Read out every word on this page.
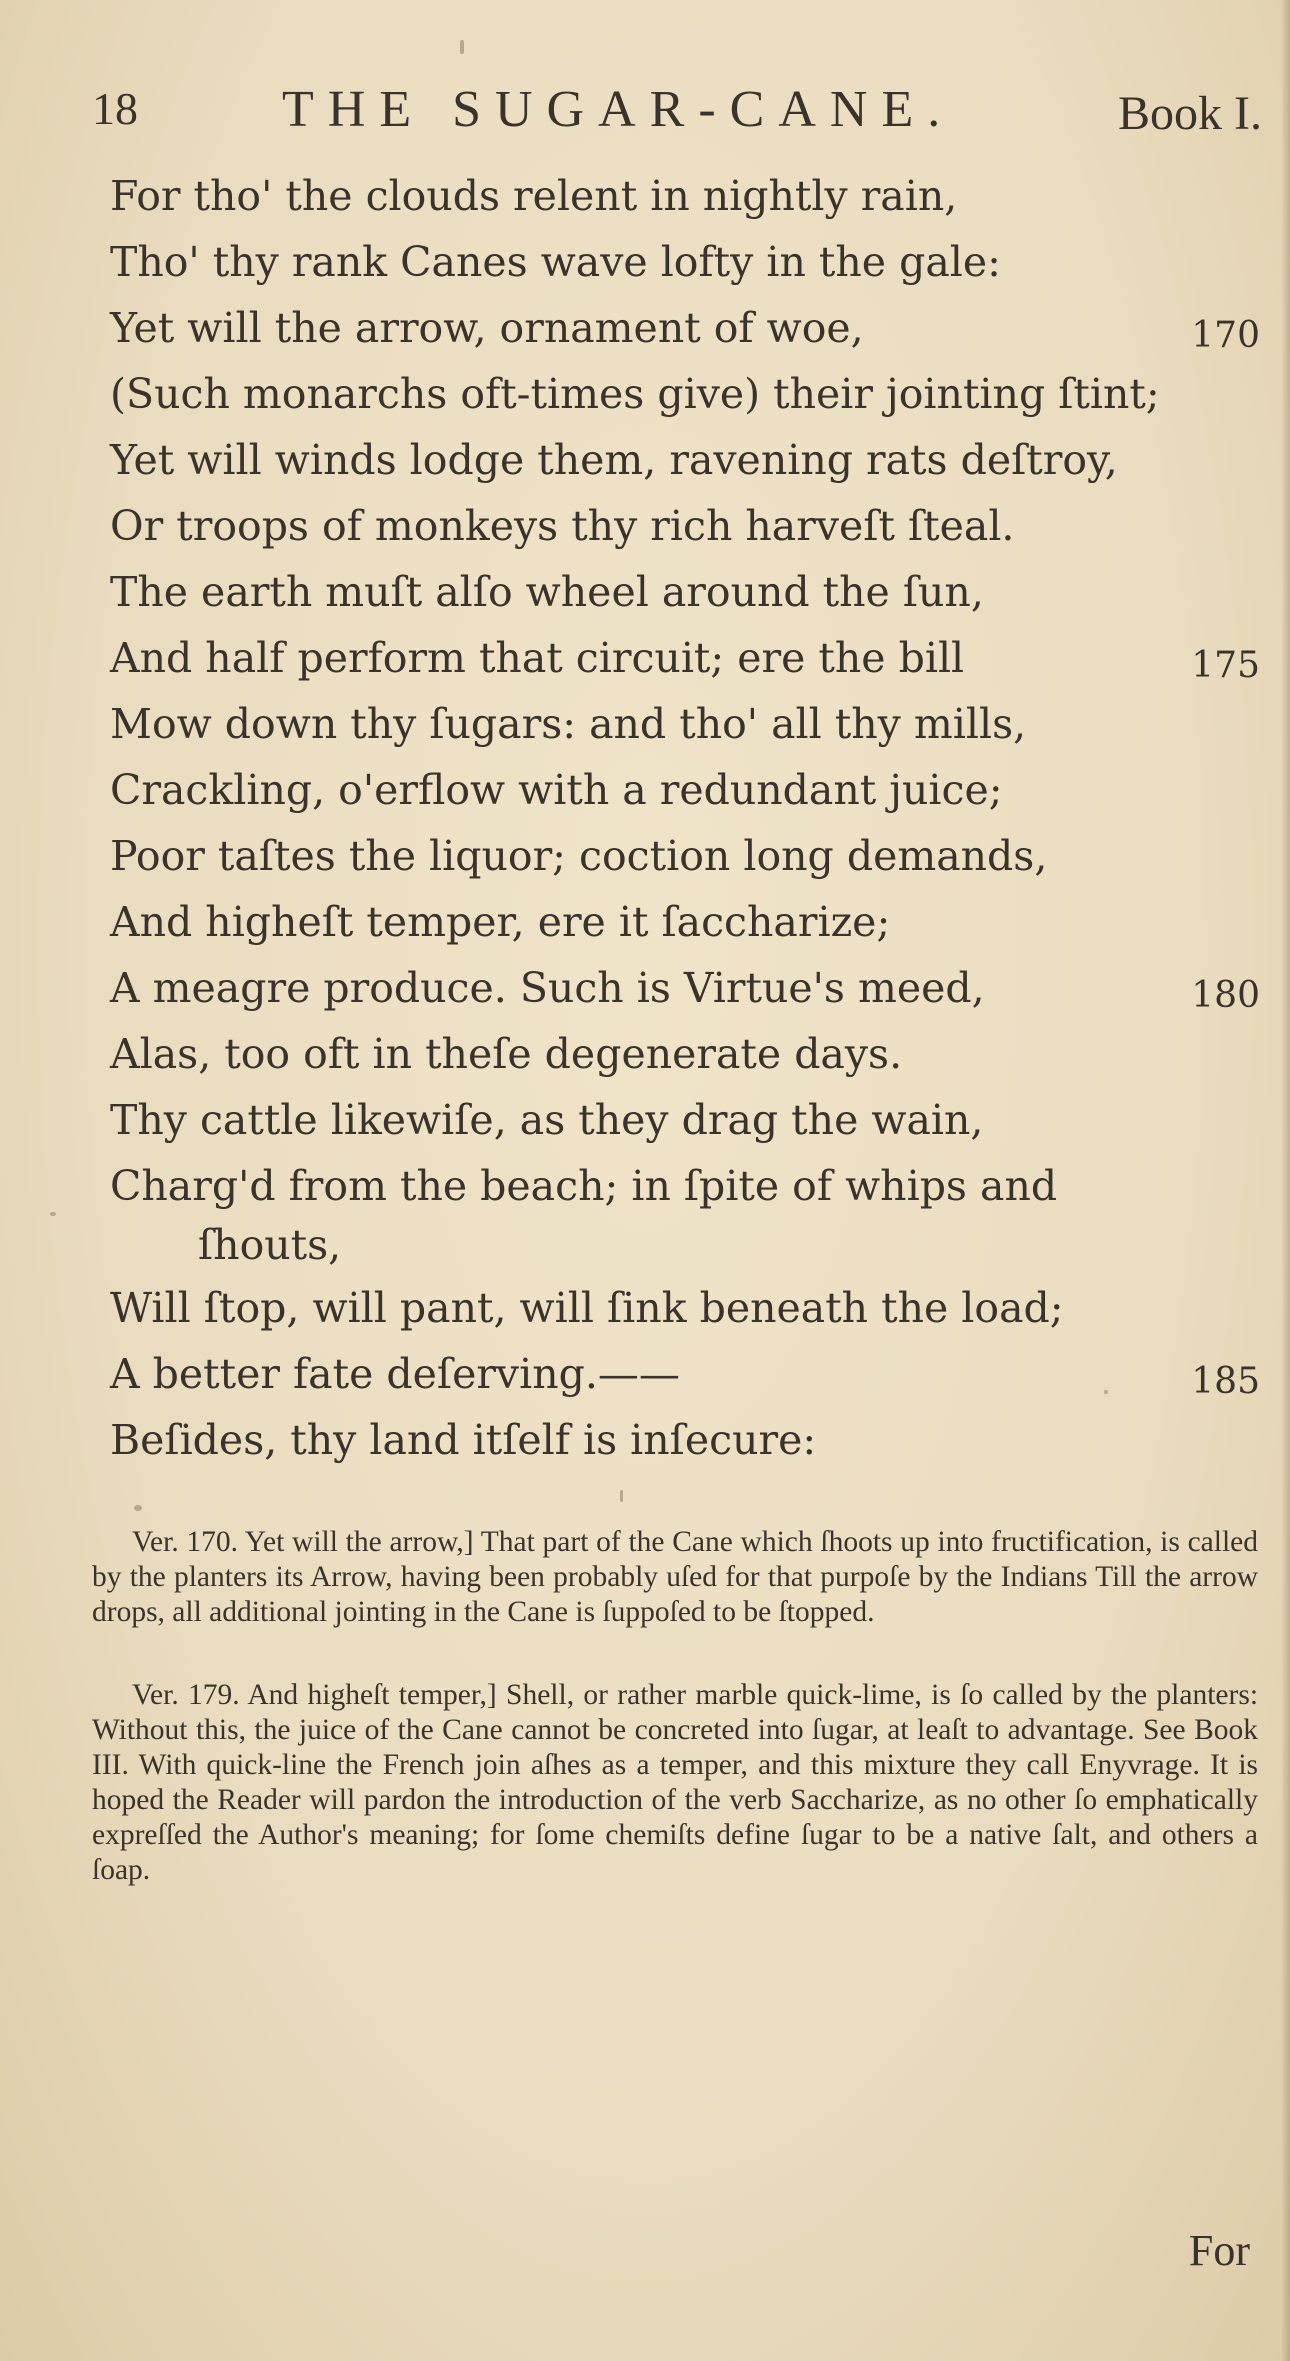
18	THE SUGAR-CANE.	Book I.
For tho' the clouds relent in nightly rain,
Tho' thy rank Canes wave lofty in the gale:
Yet will the arrow, ornament of woe,	170
(Such monarchs oft-times give) their jointing ſtint;
Yet will winds lodge them, ravening rats deſtroy,
Or troops of monkeys thy rich harveſt ſteal.
The earth muſt alſo wheel around the ſun,
And half perform that circuit; ere the bill	175
Mow down thy ſugars: and tho' all thy mills,
Crackling, o'erflow with a redundant juice;
Poor taſtes the liquor; coction long demands,
And higheſt temper, ere it ſaccharize;
A meagre produce. Such is Virtue's meed,	180
Alas, too oft in theſe degenerate days.
Thy cattle likewiſe, as they drag the wain,
Charg'd from the beach; in ſpite of whips and
ſhouts,
Will ſtop, will pant, will ſink beneath the load;
A better fate deſerving.——	185
Beſides, thy land itſelf is inſecure:
Ver. 170. Yet will the arrow,] That part of the Cane which ſhoots up into fructification, is called by the planters its Arrow, having been probably uſed for that purpoſe by the Indians Till the arrow drops, all additional jointing in the Cane is ſuppoſed to be ſtopped.
Ver. 179. And higheſt temper,] Shell, or rather marble quick-lime, is ſo called by the planters: Without this, the juice of the Cane cannot be concreted into ſugar, at leaſt to advantage. See Book III. With quick-line the French join aſhes as a temper, and this mixture they call Enyvrage. It is hoped the Reader will pardon the introduction of the verb Saccharize, as no other ſo emphatically expreſſed the Author's meaning; for ſome chemiſts define ſugar to be a native ſalt, and others a ſoap.
For
